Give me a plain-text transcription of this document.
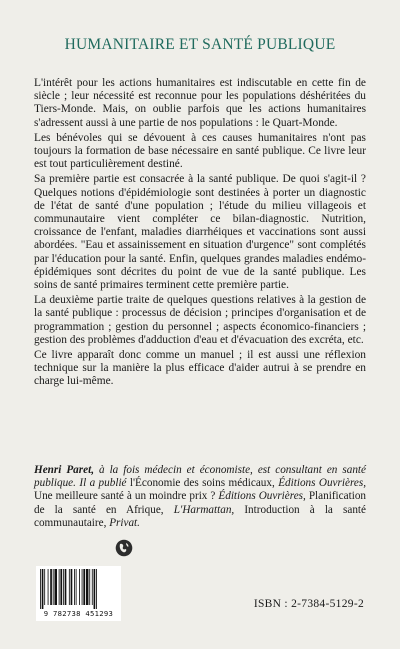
HUMANITAIRE ET SANTÉ PUBLIQUE

L'intérêt pour les actions humanitaires est indiscutable en cette fin de siècle ; leur nécessité est reconnue pour les populations déshéritées du Tiers-Monde. Mais, on oublie parfois que les actions humanitaires s'adressent aussi à une partie de nos populations : le Quart-Monde.

Les bénévoles qui se dévouent à ces causes humanitaires n'ont pas toujours la formation de base nécessaire en santé publique. Ce livre leur est tout particulièrement destiné.

Sa première partie est consacrée à la santé publique. De quoi s'agit-il ? Quelques notions d'épidémiologie sont destinées à porter un diagnostic de l'état de santé d'une population ; l'étude du milieu villageois et communautaire vient compléter ce bilan-diagnostic. Nutrition, croissance de l'enfant, maladies diarrhéiques et vaccinations sont aussi abordées. "Eau et assainissement en situation d'urgence" sont complétés par l'éducation pour la santé. Enfin, quelques grandes maladies endémo-épidémiques sont décrites du point de vue de la santé publique. Les soins de santé primaires terminent cette première partie.

La deuxième partie traite de quelques questions relatives à la gestion de la santé publique : processus de décision ; principes d'organisation et de programmation ; gestion du personnel ; aspects économico-financiers ; gestion des problèmes d'adduction d'eau et d'évacuation des excréta, etc.

Ce livre apparaît donc comme un manuel ; il est aussi une réflexion technique sur la manière la plus efficace d'aider autrui à se prendre en charge lui-même.

Henri Paret, à la fois médecin et économiste, est consultant en santé publique. Il a publié l'Économie des soins médicaux, Éditions Ouvrières, Une meilleure santé à un moindre prix ? Éditions Ouvrières, Planification de la santé en Afrique, L'Harmattan, Introduction à la santé communautaire, Privat.
9 782738 451293
ISBN : 2-7384-5129-2
